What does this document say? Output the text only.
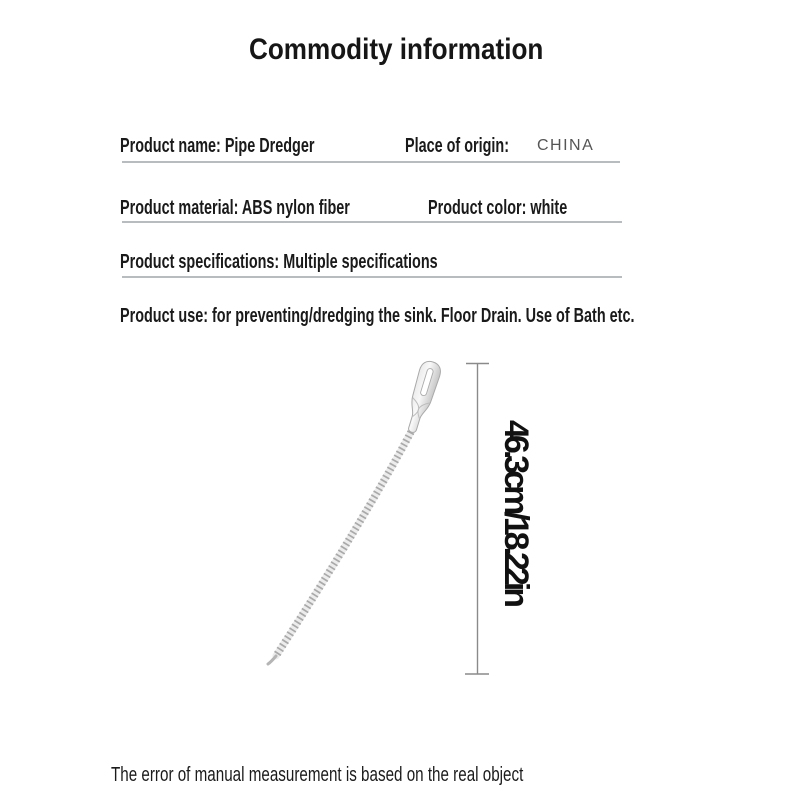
Commodity information
Product name: Pipe Dredger	Place of origin:	CHINA
Product material: ABS nylon fiber	Product color: white
Product specifications: Multiple specifications
Product use: for preventing/dredging the sink. Floor Drain. Use of Bath etc.
46.3cm/18.22in
The error of manual measurement is based on the real object
